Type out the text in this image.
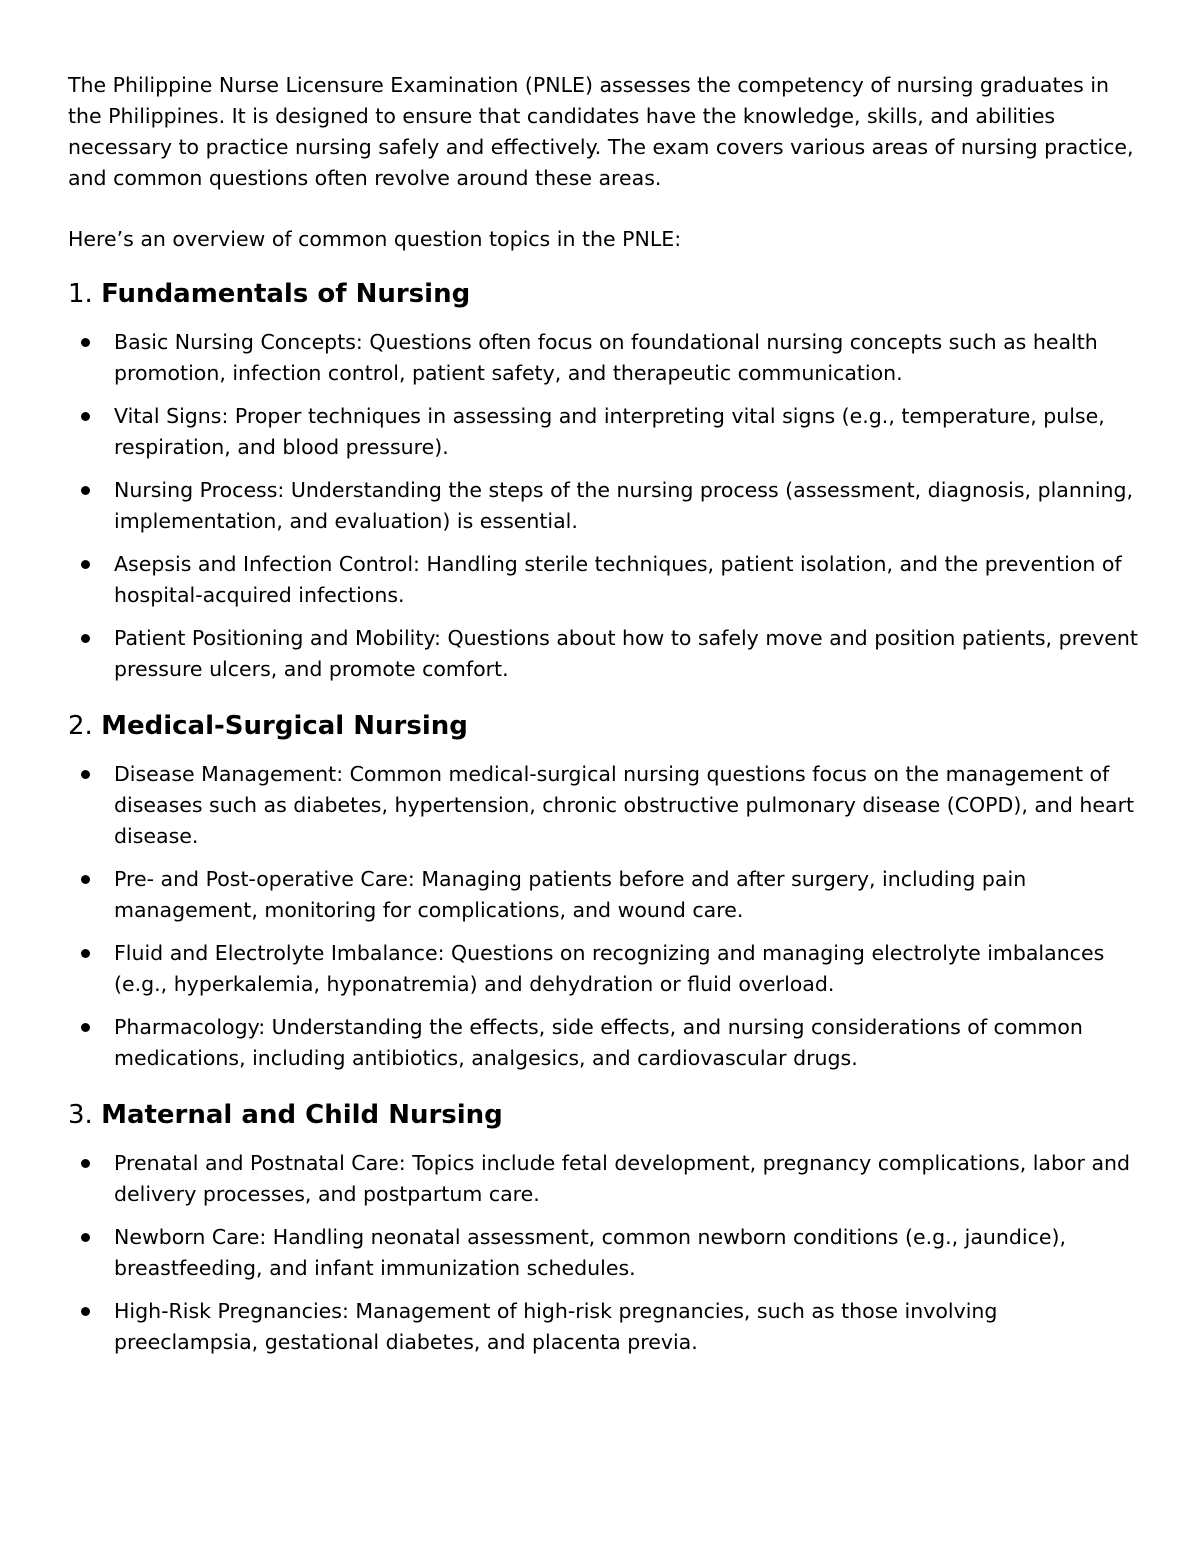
The Philippine Nurse Licensure Examination (PNLE) assesses the competency of nursing graduates in the Philippines. It is designed to ensure that candidates have the knowledge, skills, and abilities necessary to practice nursing safely and effectively. The exam covers various areas of nursing practice, and common questions often revolve around these areas.

Here’s an overview of common question topics in the PNLE:

1. Fundamentals of Nursing
Basic Nursing Concepts: Questions often focus on foundational nursing concepts such as health promotion, infection control, patient safety, and therapeutic communication.
Vital Signs: Proper techniques in assessing and interpreting vital signs (e.g., temperature, pulse, respiration, and blood pressure).
Nursing Process: Understanding the steps of the nursing process (assessment, diagnosis, planning, implementation, and evaluation) is essential.
Asepsis and Infection Control: Handling sterile techniques, patient isolation, and the prevention of hospital-acquired infections.
Patient Positioning and Mobility: Questions about how to safely move and position patients, prevent pressure ulcers, and promote comfort.
2. Medical-Surgical Nursing
Disease Management: Common medical-surgical nursing questions focus on the management of diseases such as diabetes, hypertension, chronic obstructive pulmonary disease (COPD), and heart disease.
Pre- and Post-operative Care: Managing patients before and after surgery, including pain management, monitoring for complications, and wound care.
Fluid and Electrolyte Imbalance: Questions on recognizing and managing electrolyte imbalances (e.g., hyperkalemia, hyponatremia) and dehydration or fluid overload.
Pharmacology: Understanding the effects, side effects, and nursing considerations of common medications, including antibiotics, analgesics, and cardiovascular drugs.
3. Maternal and Child Nursing
Prenatal and Postnatal Care: Topics include fetal development, pregnancy complications, labor and delivery processes, and postpartum care.
Newborn Care: Handling neonatal assessment, common newborn conditions (e.g., jaundice), breastfeeding, and infant immunization schedules.
High-Risk Pregnancies: Management of high-risk pregnancies, such as those involving preeclampsia, gestational diabetes, and placenta previa.
